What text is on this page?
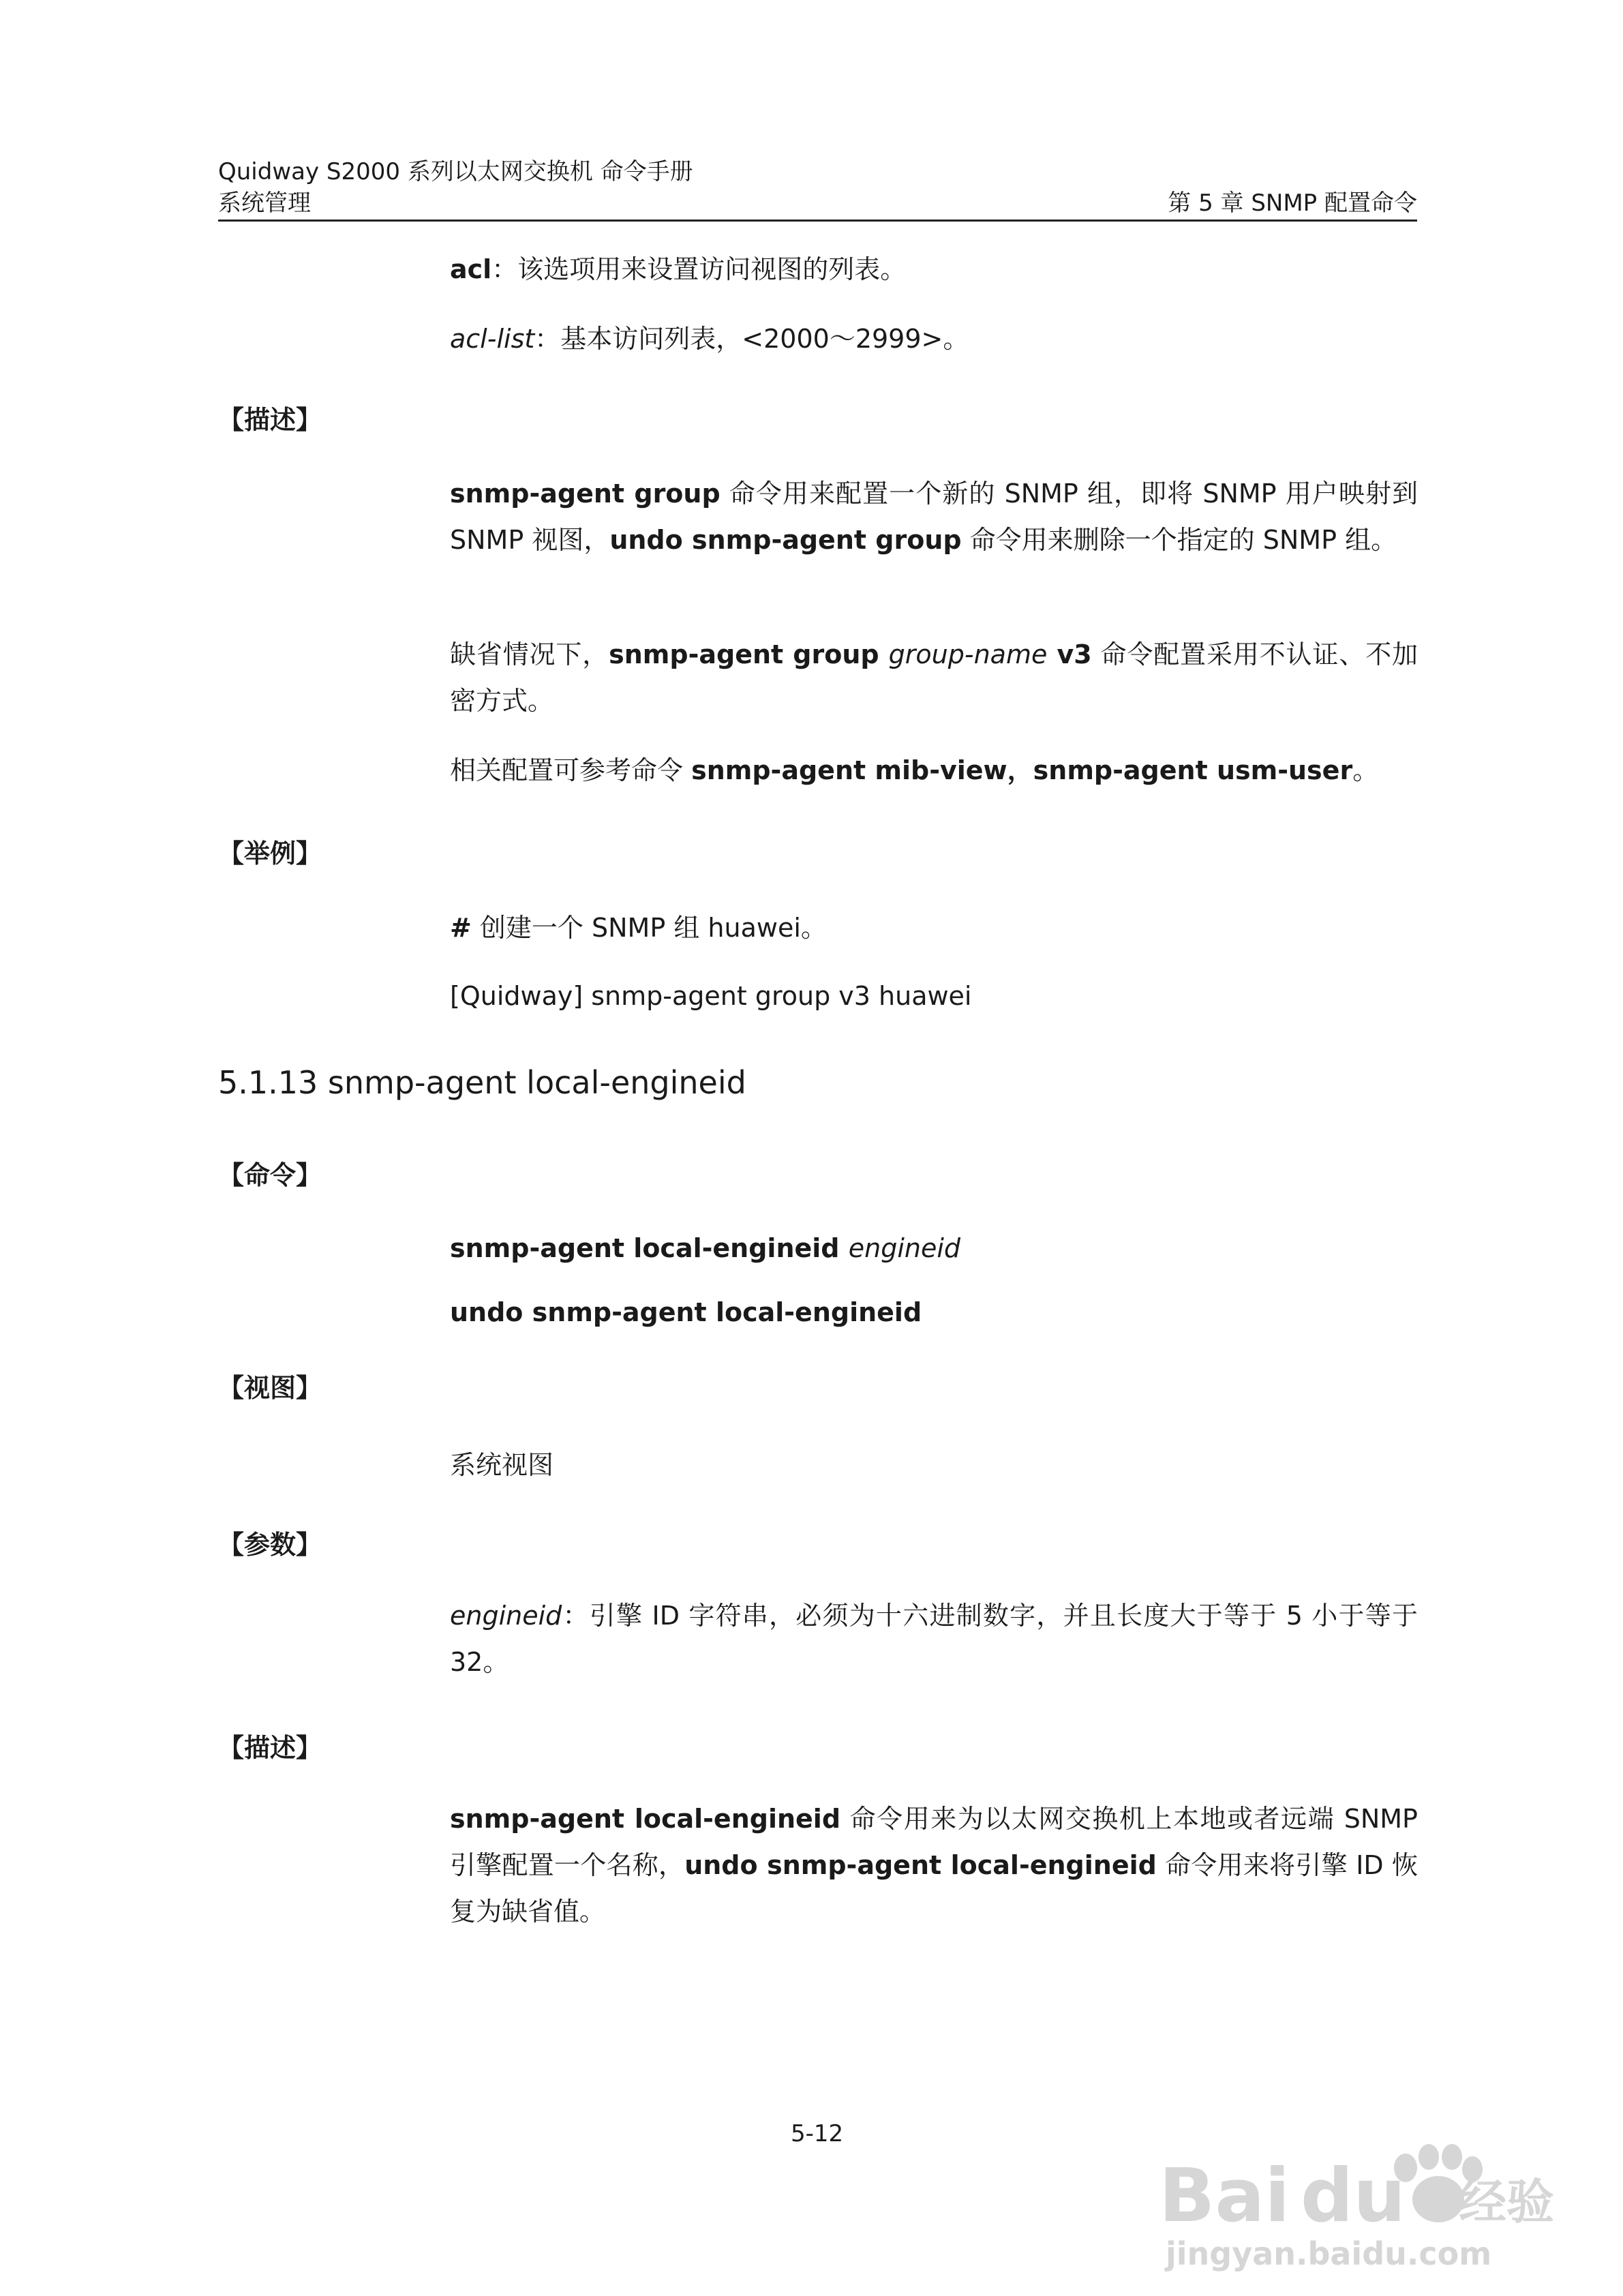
Quidway S2000 系列以太网交换机 命令手册
系统管理	第 5 章 SNMP 配置命令
acl：该选项用来设置访问视图的列表。
acl-list：基本访问列表，<2000～2999>。
【描述】
snmp-agent group 命令用来配置一个新的 SNMP 组，即将 SNMP 用户映射到 SNMP 视图，undo snmp-agent group 命令用来删除一个指定的 SNMP 组。
缺省情况下，snmp-agent group group-name v3 命令配置采用不认证、不加密方式。
相关配置可参考命令 snmp-agent mib-view，snmp-agent usm-user。
【举例】
# 创建一个 SNMP 组 huawei。
[Quidway] snmp-agent group v3 huawei
5.1.13 snmp-agent local-engineid
【命令】
snmp-agent local-engineid engineid
undo snmp-agent local-engineid
【视图】
系统视图
【参数】
engineid：引擎 ID 字符串，必须为十六进制数字，并且长度大于等于 5 小于等于 32。
【描述】
snmp-agent local-engineid 命令用来为以太网交换机上本地或者远端 SNMP 引擎配置一个名称，undo snmp-agent local-engineid 命令用来将引擎 ID 恢复为缺省值。
5-12
Bai du 经验
jingyan.baidu.com
